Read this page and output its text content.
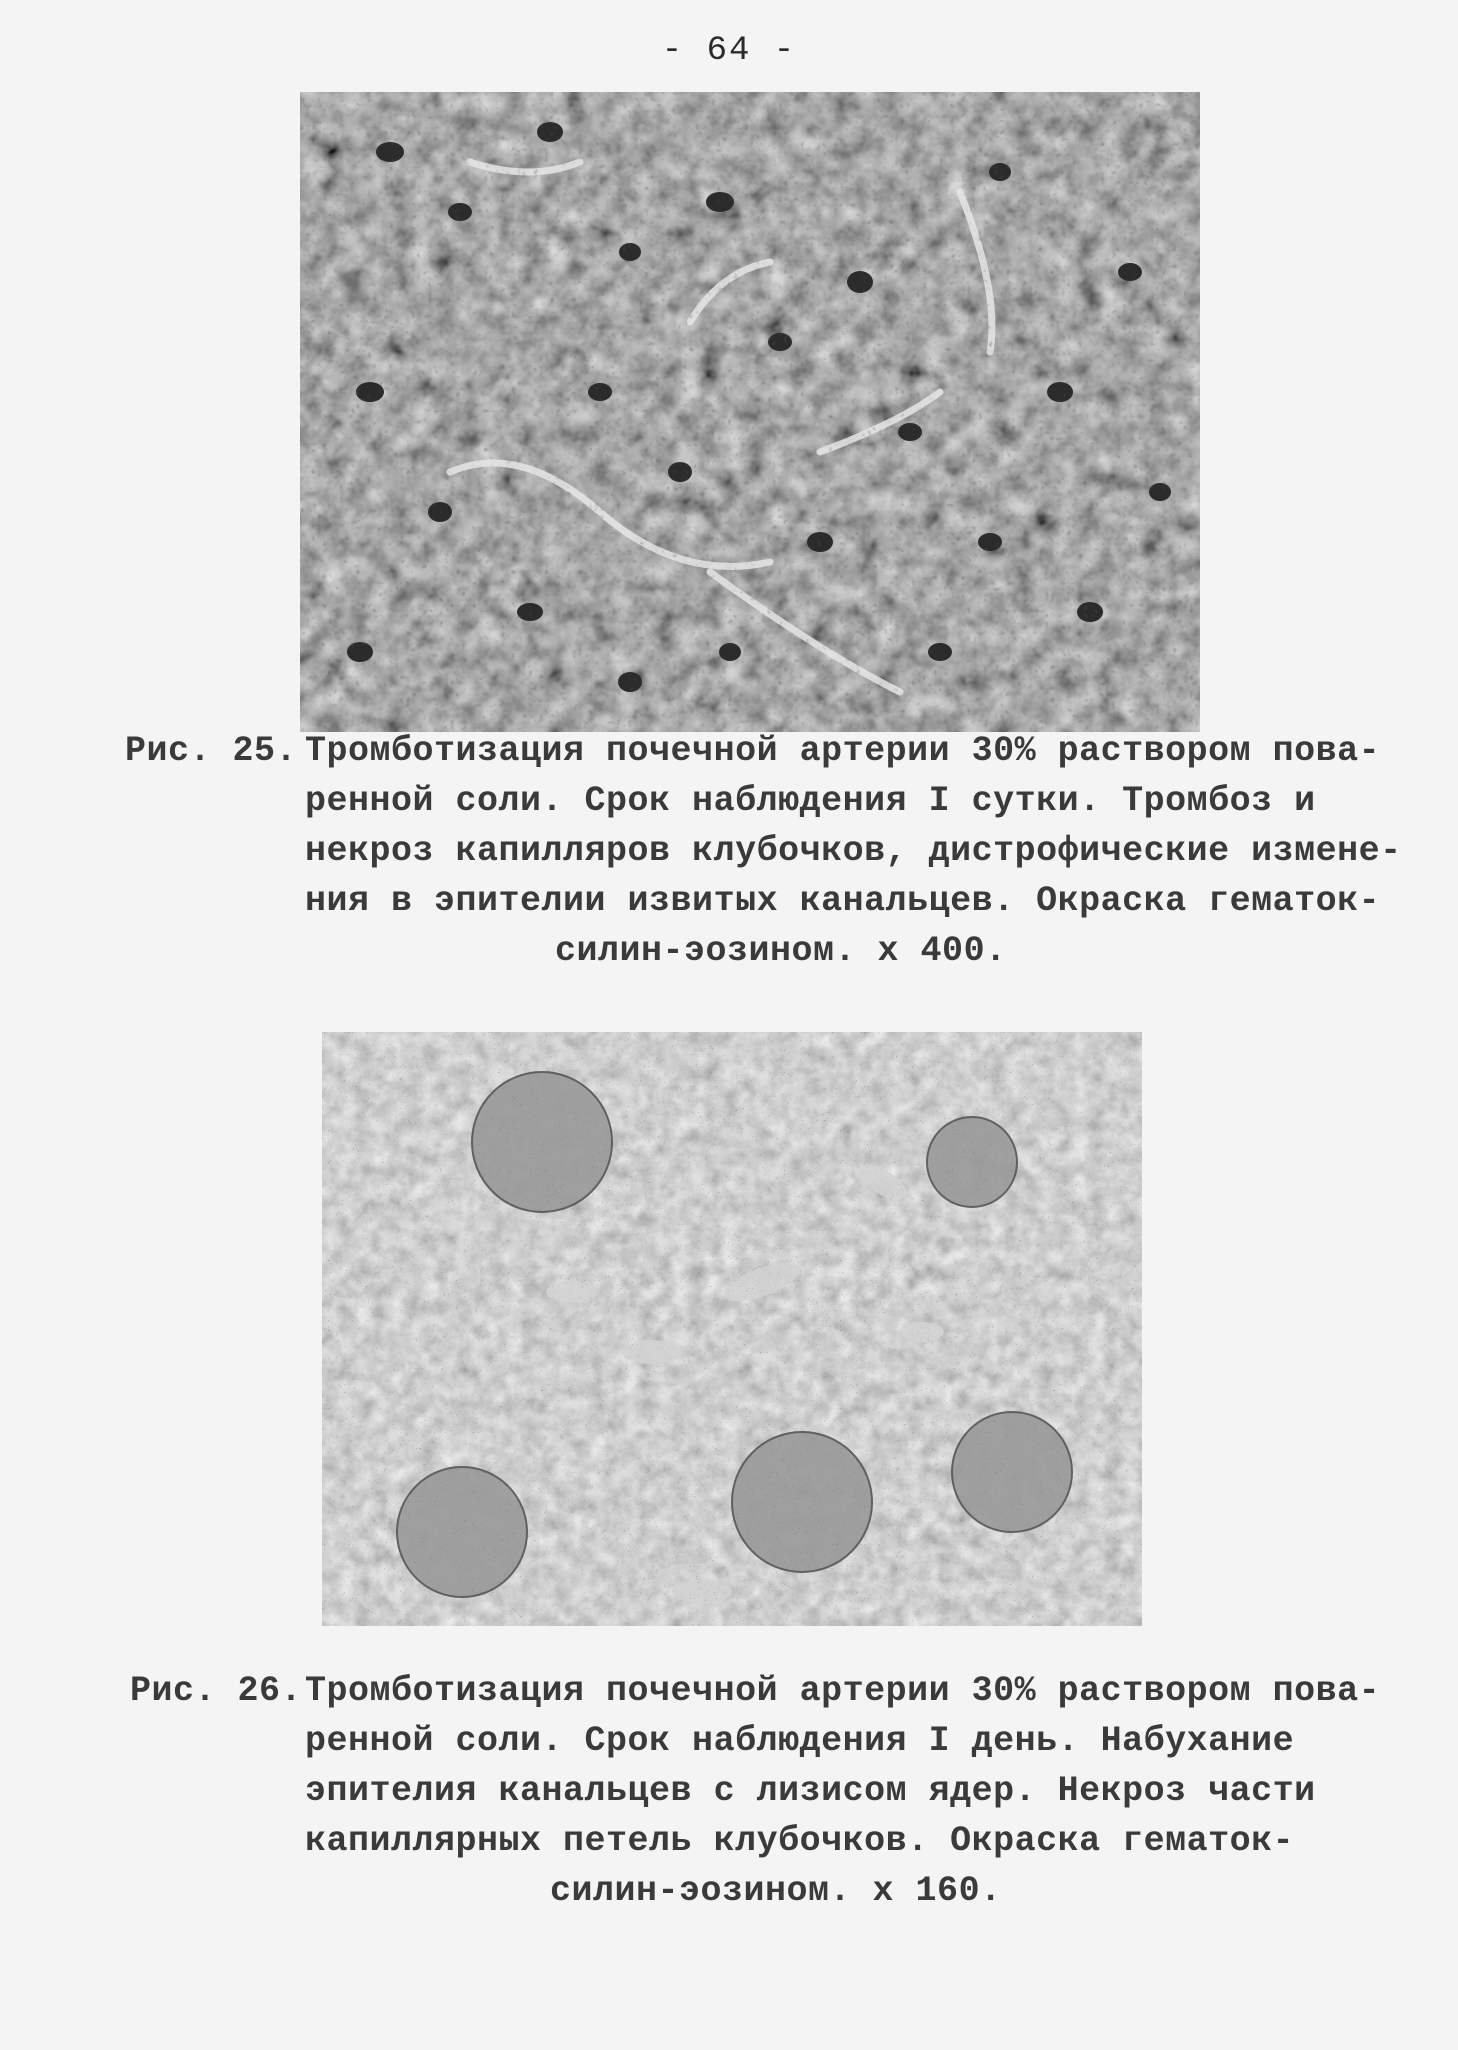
- 64 -
Рис. 25. Тромботизация почечной артерии 30% раствором пова-
ренной соли. Срок наблюдения I сутки. Тромбоз и
некроз капилляров клубочков, дистрофические измене-
ния в эпителии извитых канальцев. Окраска гематок-
силин-эозином. х 400.
Рис. 26. Тромботизация почечной артерии 30% раствором пова-
ренной соли. Срок наблюдения I день. Набухание
эпителия канальцев с лизисом ядер. Некроз части
капиллярных петель клубочков. Окраска гематок-
силин-эозином. х 160.
